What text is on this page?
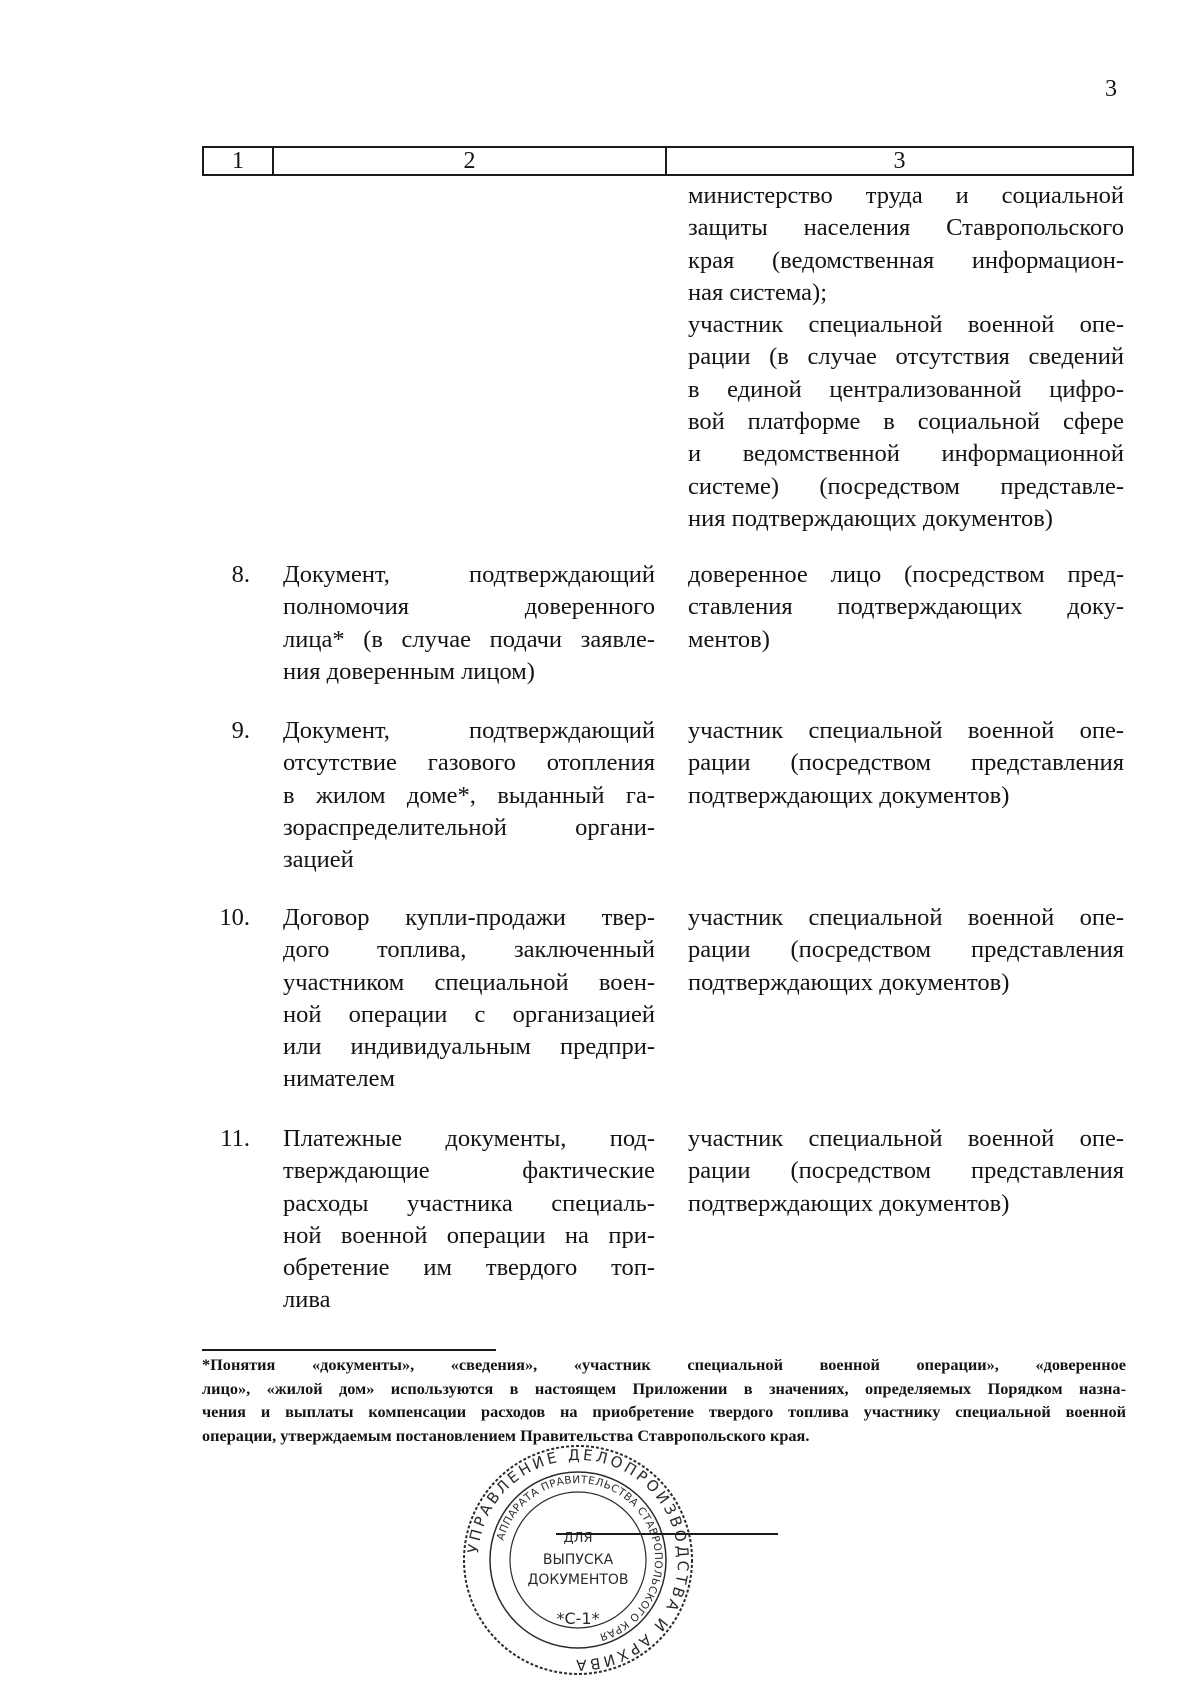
3
1	2	3
министерство труда и социальной
защиты населения Ставропольского
края (ведомственная информацион-
ная система);
участник специальной военной опе-
рации (в случае отсутствия сведений
в единой централизованной цифро-
вой платформе в социальной сфере
и ведомственной информационной
системе) (посредством представле-
ния подтверждающих документов)
8. Документ, подтверждающий
полномочия доверенного
лица* (в случае подачи заявле-
ния доверенным лицом)
доверенное лицо (посредством пред-
ставления подтверждающих доку-
ментов)
9. Документ, подтверждающий
отсутствие газового отопления
в жилом доме*, выданный га-
зораспределительной органи-
зацией
участник специальной военной опе-
рации (посредством представления
подтверждающих документов)
10. Договор купли-продажи твер-
дого топлива, заключенный
участником специальной воен-
ной операции с организацией
или индивидуальным предпри-
нимателем
участник специальной военной опе-
рации (посредством представления
подтверждающих документов)
11. Платежные документы, под-
тверждающие фактические
расходы участника специаль-
ной военной операции на при-
обретение им твердого топ-
лива
участник специальной военной опе-
рации (посредством представления
подтверждающих документов)
*Понятия «документы», «сведения», «участник специальной военной операции», «доверенное
лицо», «жилой дом» используются в настоящем Приложении в значениях, определяемых Порядком назна-
чения и выплаты компенсации расходов на приобретение твердого топлива участнику специальной военной
операции, утверждаемым постановлением Правительства Ставропольского края.
УПРАВЛЕНИЕ ДЕЛОПРОИЗВОДСТВА И АРХИВА
АППАРАТА ПРАВИТЕЛЬСТВА СТАВРОПОЛЬСКОГО КРАЯ
ДЛЯ
ВЫПУСКА
ДОКУМЕНТОВ
*С-1*
